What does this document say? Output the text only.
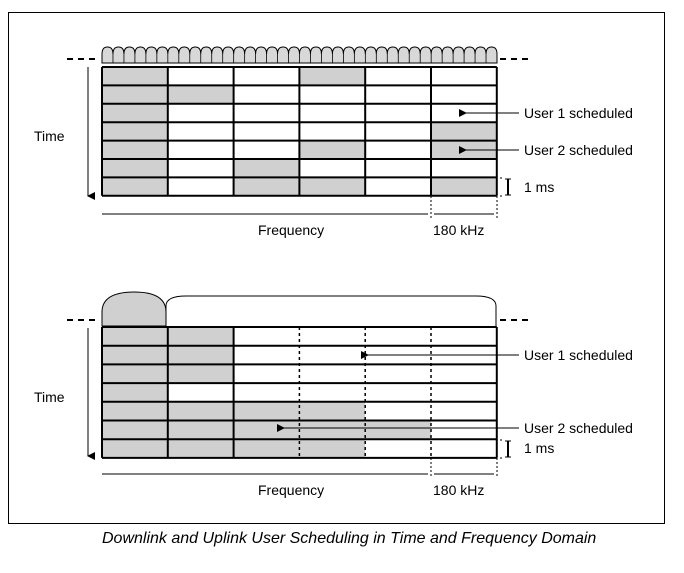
Time
Frequency	180 kHz
1 ms
User 1 scheduled
User 2 scheduled
Time
Frequency	180 kHz
1 ms
User 1 scheduled
User 2 scheduled
Downlink and Uplink User Scheduling in Time and Frequency Domain
